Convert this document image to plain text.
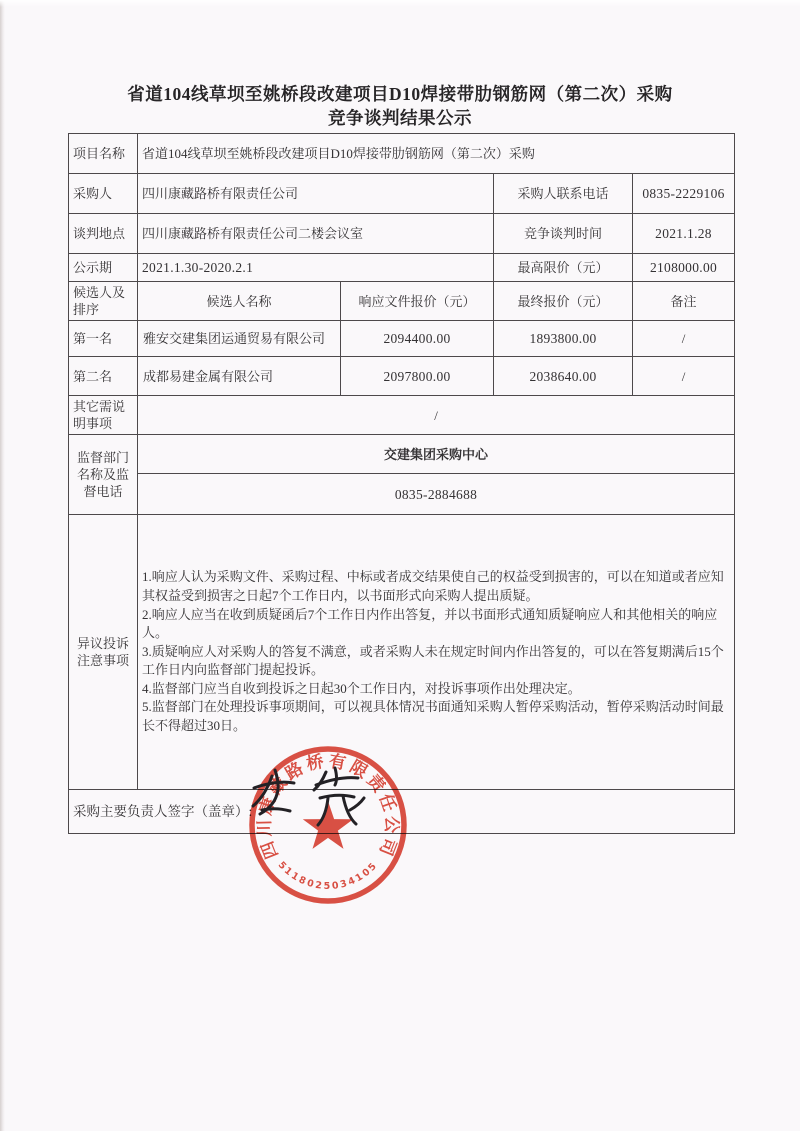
省道104线草坝至姚桥段改建项目D10焊接带肋钢筋网（第二次）采购
竞争谈判结果公示
项目名称	省道104线草坝至姚桥段改建项目D10焊接带肋钢筋网（第二次）采购			
采购人	四川康藏路桥有限责任公司		采购人联系电话	0835-2229106
谈判地点	四川康藏路桥有限责任公司二楼会议室		竞争谈判时间	2021.1.28
公示期	2021.1.30-2020.2.1		最高限价（元）	2108000.00
候选人及排序	候选人名称	响应文件报价（元）	最终报价（元）	备注
第一名	雅安交建集团运通贸易有限公司	2094400.00	1893800.00	/
第二名	成都易建金属有限公司	2097800.00	2038640.00	/
其它需说明事项	/			
监督部门名称及监督电话	交建集团采购中心			
	0835-2884688			
异议投诉注意事项	1.响应人认为采购文件、采购过程、中标或者成交结果使自己的权益受到损害的，可以在知道或者应知其权益受到损害之日起7个工作日内，以书面形式向采购人提出质疑。
2.响应人应当在收到质疑函后7个工作日内作出答复，并以书面形式通知质疑响应人和其他相关的响应人。
3.质疑响应人对采购人的答复不满意，或者采购人未在规定时间内作出答复的，可以在答复期满后15个工作日内向监督部门提起投诉。
4.监督部门应当自收到投诉之日起30个工作日内，对投诉事项作出处理决定。
5.监督部门在处理投诉事项期间，可以视具体情况书面通知采购人暂停采购活动，暂停采购活动时间最长不得超过30日。			

采购主要负责人签字（盖章）:				
四川康藏路桥有限责任公司
5118025034105
